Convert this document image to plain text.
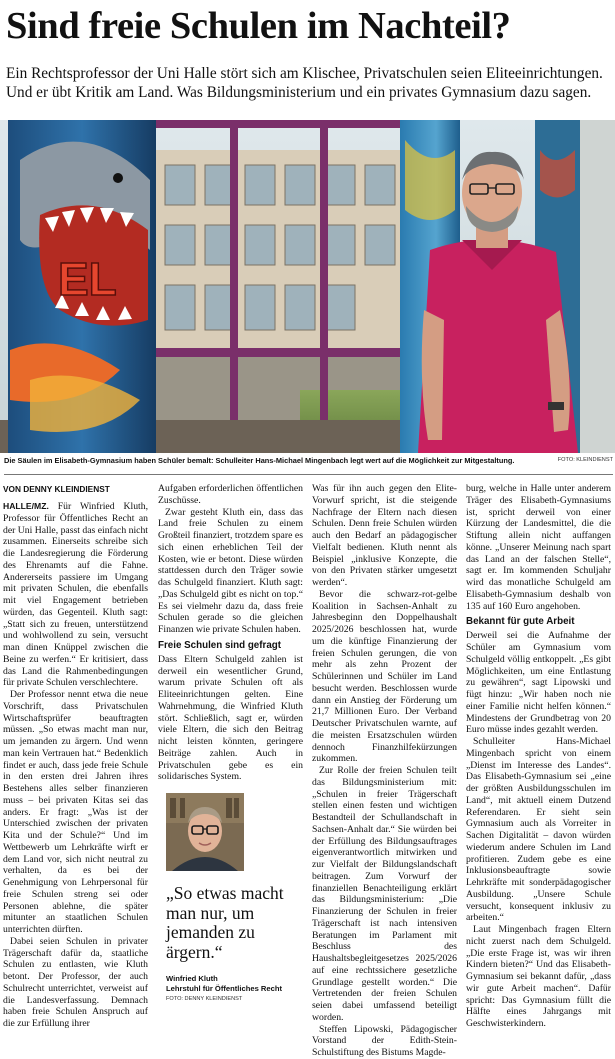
Sind freie Schulen im Nachteil?

Ein Rechtsprofessor der Uni Halle stört sich am Klischee, Privatschulen seien Eliteeinrichtungen. Und er übt Kritik am Land. Was Bildungsministerium und ein privates Gymnasium dazu sagen.

EL
Die Säulen im Elisabeth-Gymnasium haben Schüler bemalt: Schulleiter Hans-Michael Mingenbach legt wert auf die Möglichkeit zur Mitgestaltung.	FOTO: KLEINDIENST
VON DENNY KLEINDIENST

HALLE/MZ. Für Winfried Kluth, Professor für Öffentliches Recht an der Uni Halle, passt das einfach nicht zusammen. Einerseits schreibe sich die Landesregierung die Förderung des Ehrenamts auf die Fahne. Andererseits passiere im Umgang mit privaten Schulen, die ebenfalls mit viel Engagement betrieben würden, das Gegenteil. Kluth sagt: „Statt sich zu freuen, unterstützend und wohlwollend zu sein, versucht man dinen Knüppel zwischen die Beine zu werfen.“ Er kritisiert, dass das Land die Rahmenbedingungen für private Schulen verschlechtere.

Der Professor nennt etwa die neue Vorschrift, dass Privatschulen Wirtschaftsprüfer beauftragten müssen. „So etwas macht man nur, um jemanden zu ärgern. Und wenn man kein Vertrauen hat.“ Bedenklich findet er auch, dass jede freie Schule in den ersten drei Jahren ihres Bestehens alles selber finanzieren muss – bei privaten Kitas sei das anders. Er fragt: „Was ist der Unterschied zwischen der privaten Kita und der Schule?“ Und im Wettbewerb um Lehrkräfte wirft er dem Land vor, sich nicht neutral zu verhalten, da es bei der Genehmigung von Lehrpersonal für freie Schulen streng sei oder Personen ablehne, die später mitunter an staatlichen Schulen unterrichten dürften.

Dabei seien Schulen in privater Trägerschaft dafür da, staatliche Schulen zu entlasten, wie Kluth betont. Der Professor, der auch Schulrecht unterrichtet, verweist auf die Landesverfassung. Demnach haben freie Schulen Anspruch auf die zur Erfüllung ihrer

Aufgaben erforderlichen öffentlichen Zuschüsse.

Zwar gesteht Kluth ein, dass das Land freie Schulen zu einem Großteil finanziert, trotzdem spare es sich einen erheblichen Teil der Kosten, wie er betont. Diese würden stattdessen durch den Träger sowie das Schulgeld finanziert. Kluth sagt: „Das Schulgeld gibt es nicht on top.“ Es sei vielmehr dazu da, dass freie Schulen gerade so die gleichen Finanzen wie private Schulen haben.

Freie Schulen sind gefragt

Dass Eltern Schulgeld zahlen ist derweil ein wesentlicher Grund, warum private Schulen oft als Eliteeinrichtungen gelten. Eine Wahrnehmung, die Winfried Kluth stört. Schließlich, sagt er, würden viele Eltern, die sich den Beitrag nicht leisten könnten, geringere Beiträge zahlen. Auch in Privatschulen gebe es ein solidarisches System.

„So etwas macht man nur, um jemanden zu ärgern.“
Winfried Kluth
Lehrstuhl für Öffentliches Recht
FOTO: DENNY KLEINDIENST

Was für ihn auch gegen den Elite-Vorwurf spricht, ist die steigende Nachfrage der Eltern nach diesen Schulen. Denn freie Schulen würden auch den Bedarf an pädagogischer Vielfalt bedienen. Kluth nennt als Beispiel „inklusive Konzepte, die von den Privaten stärker umgesetzt werden“.

Bevor die schwarz-rot-gelbe Koalition in Sachsen-Anhalt zu Jahresbeginn den Doppelhaushalt 2025/2026 beschlossen hat, wurde um die künftige Finanzierung der freien Schulen gerungen, die von mehr als zehn Prozent der Schülerinnen und Schüler im Land besucht werden. Beschlossen wurde dann ein Anstieg der Förderung um 21,7 Millionen Euro. Der Verband Deutscher Privatschulen warnte, auf die meisten Ersatzschulen würden dennoch Finanzhilfekürzungen zukommen.

Zur Rolle der freien Schulen teilt das Bildungsministerium mit: „Schulen in freier Trägerschaft stellen einen festen und wichtigen Bestandteil der Schullandschaft in Sachsen-Anhalt dar.“ Sie würden bei der Erfüllung des Bildungsauftrages eigenverantwortlich mitwirken und zur Vielfalt der Bildungslandschaft beitragen. Zum Vorwurf der finanziellen Benachteiligung erklärt das Bildungsministerium: „Die Finanzierung der Schulen in freier Trägerschaft ist nach intensiven Beratungen im Parlament mit Beschluss des Haushaltsbegleitgesetzes 2025/2026 auf eine rechtssichere gesetzliche Grundlage gestellt worden.“ Die Vertretenden der freien Schulen seien dabei umfassend beteiligt worden.

Steffen Lipowski, Pädagogischer Vorstand der Edith-Stein-Schulstiftung des Bistums Magde-

burg, welche in Halle unter anderem Träger des Elisabeth-Gymnasiums ist, spricht derweil von einer Kürzung der Landesmittel, die die Stiftung allein nicht auffangen könne. „Unserer Meinung nach spart das Land an der falschen Stelle“, sagt er. Im kommenden Schuljahr wird das monatliche Schulgeld am Elisabeth-Gymnasium deshalb von 135 auf 160 Euro angehoben.

Bekannt für gute Arbeit

Derweil sei die Aufnahme der Schüler am Gymnasium vom Schulgeld völlig entkoppelt. „Es gibt Möglichkeiten, um eine Entlastung zu gewähren“, sagt Lipowski und fügt hinzu: „Wir haben noch nie einer Familie nicht helfen können.“ Mindestens der Grundbetrag von 20 Euro müsse indes gezahlt werden.

Schulleiter Hans-Michael Mingenbach spricht von einem „Dienst im Interesse des Landes“. Das Elisabeth-Gymnasium sei „eine der größten Ausbildungsschulen im Land“, mit aktuell einem Dutzend Referendaren. Er sieht sein Gymnasium auch als Vorreiter in Sachen Digitalität – davon würden wiederum andere Schulen im Land profitieren. Zudem gebe es eine Inklusionsbeauftragte sowie Lehrkräfte mit sonderpädagogischer Ausbildung. „Unsere Schule versucht, konsequent inklusiv zu arbeiten.“

Laut Mingenbach fragen Eltern nicht zuerst nach dem Schulgeld. „Die erste Frage ist, was wir ihren Kindern bieten?“ Und das Elisabeth-Gymnasium sei bekannt dafür, „dass wir gute Arbeit machen“. Dafür spricht: Das Gymnasium füllt die Hälfte eines Jahrgangs mit Geschwisterkindern.
